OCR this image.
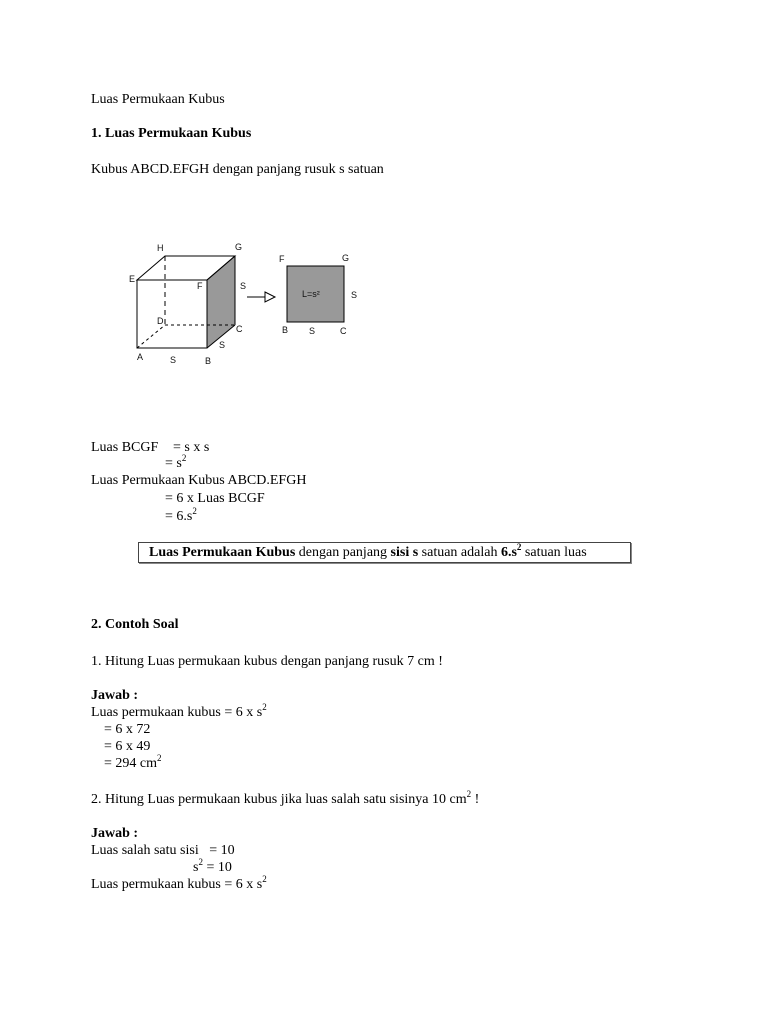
Luas Permukaan Kubus
1. Luas Permukaan Kubus
Kubus ABCD.EFGH dengan panjang rusuk s satuan
H	G
E
F
D
C
A	B
S
S
S
L=s²
F	G
B	C
S
S
Luas BCGF = s x s
= $s^2$
Luas Permukaan Kubus ABCD.EFGH
= 6 x Luas BCGF
= $6.s^2$
Luas Permukaan Kubus dengan panjang sisi s satuan adalah $6.s^2$ satuan luas
2. Contoh Soal
1. Hitung Luas permukaan kubus dengan panjang rusuk 7 cm !
Jawab :
Luas permukaan kubus = 6 x $s^2$
= 6 x 72
= 6 x 49
= 294 $cm^2$
2. Hitung Luas permukaan kubus jika luas salah satu sisinya 10 $cm^2$ !
Jawab :
Luas salah satu sisi   = 10
$s^2 = 10$
Luas permukaan kubus = 6 x $s^2$
